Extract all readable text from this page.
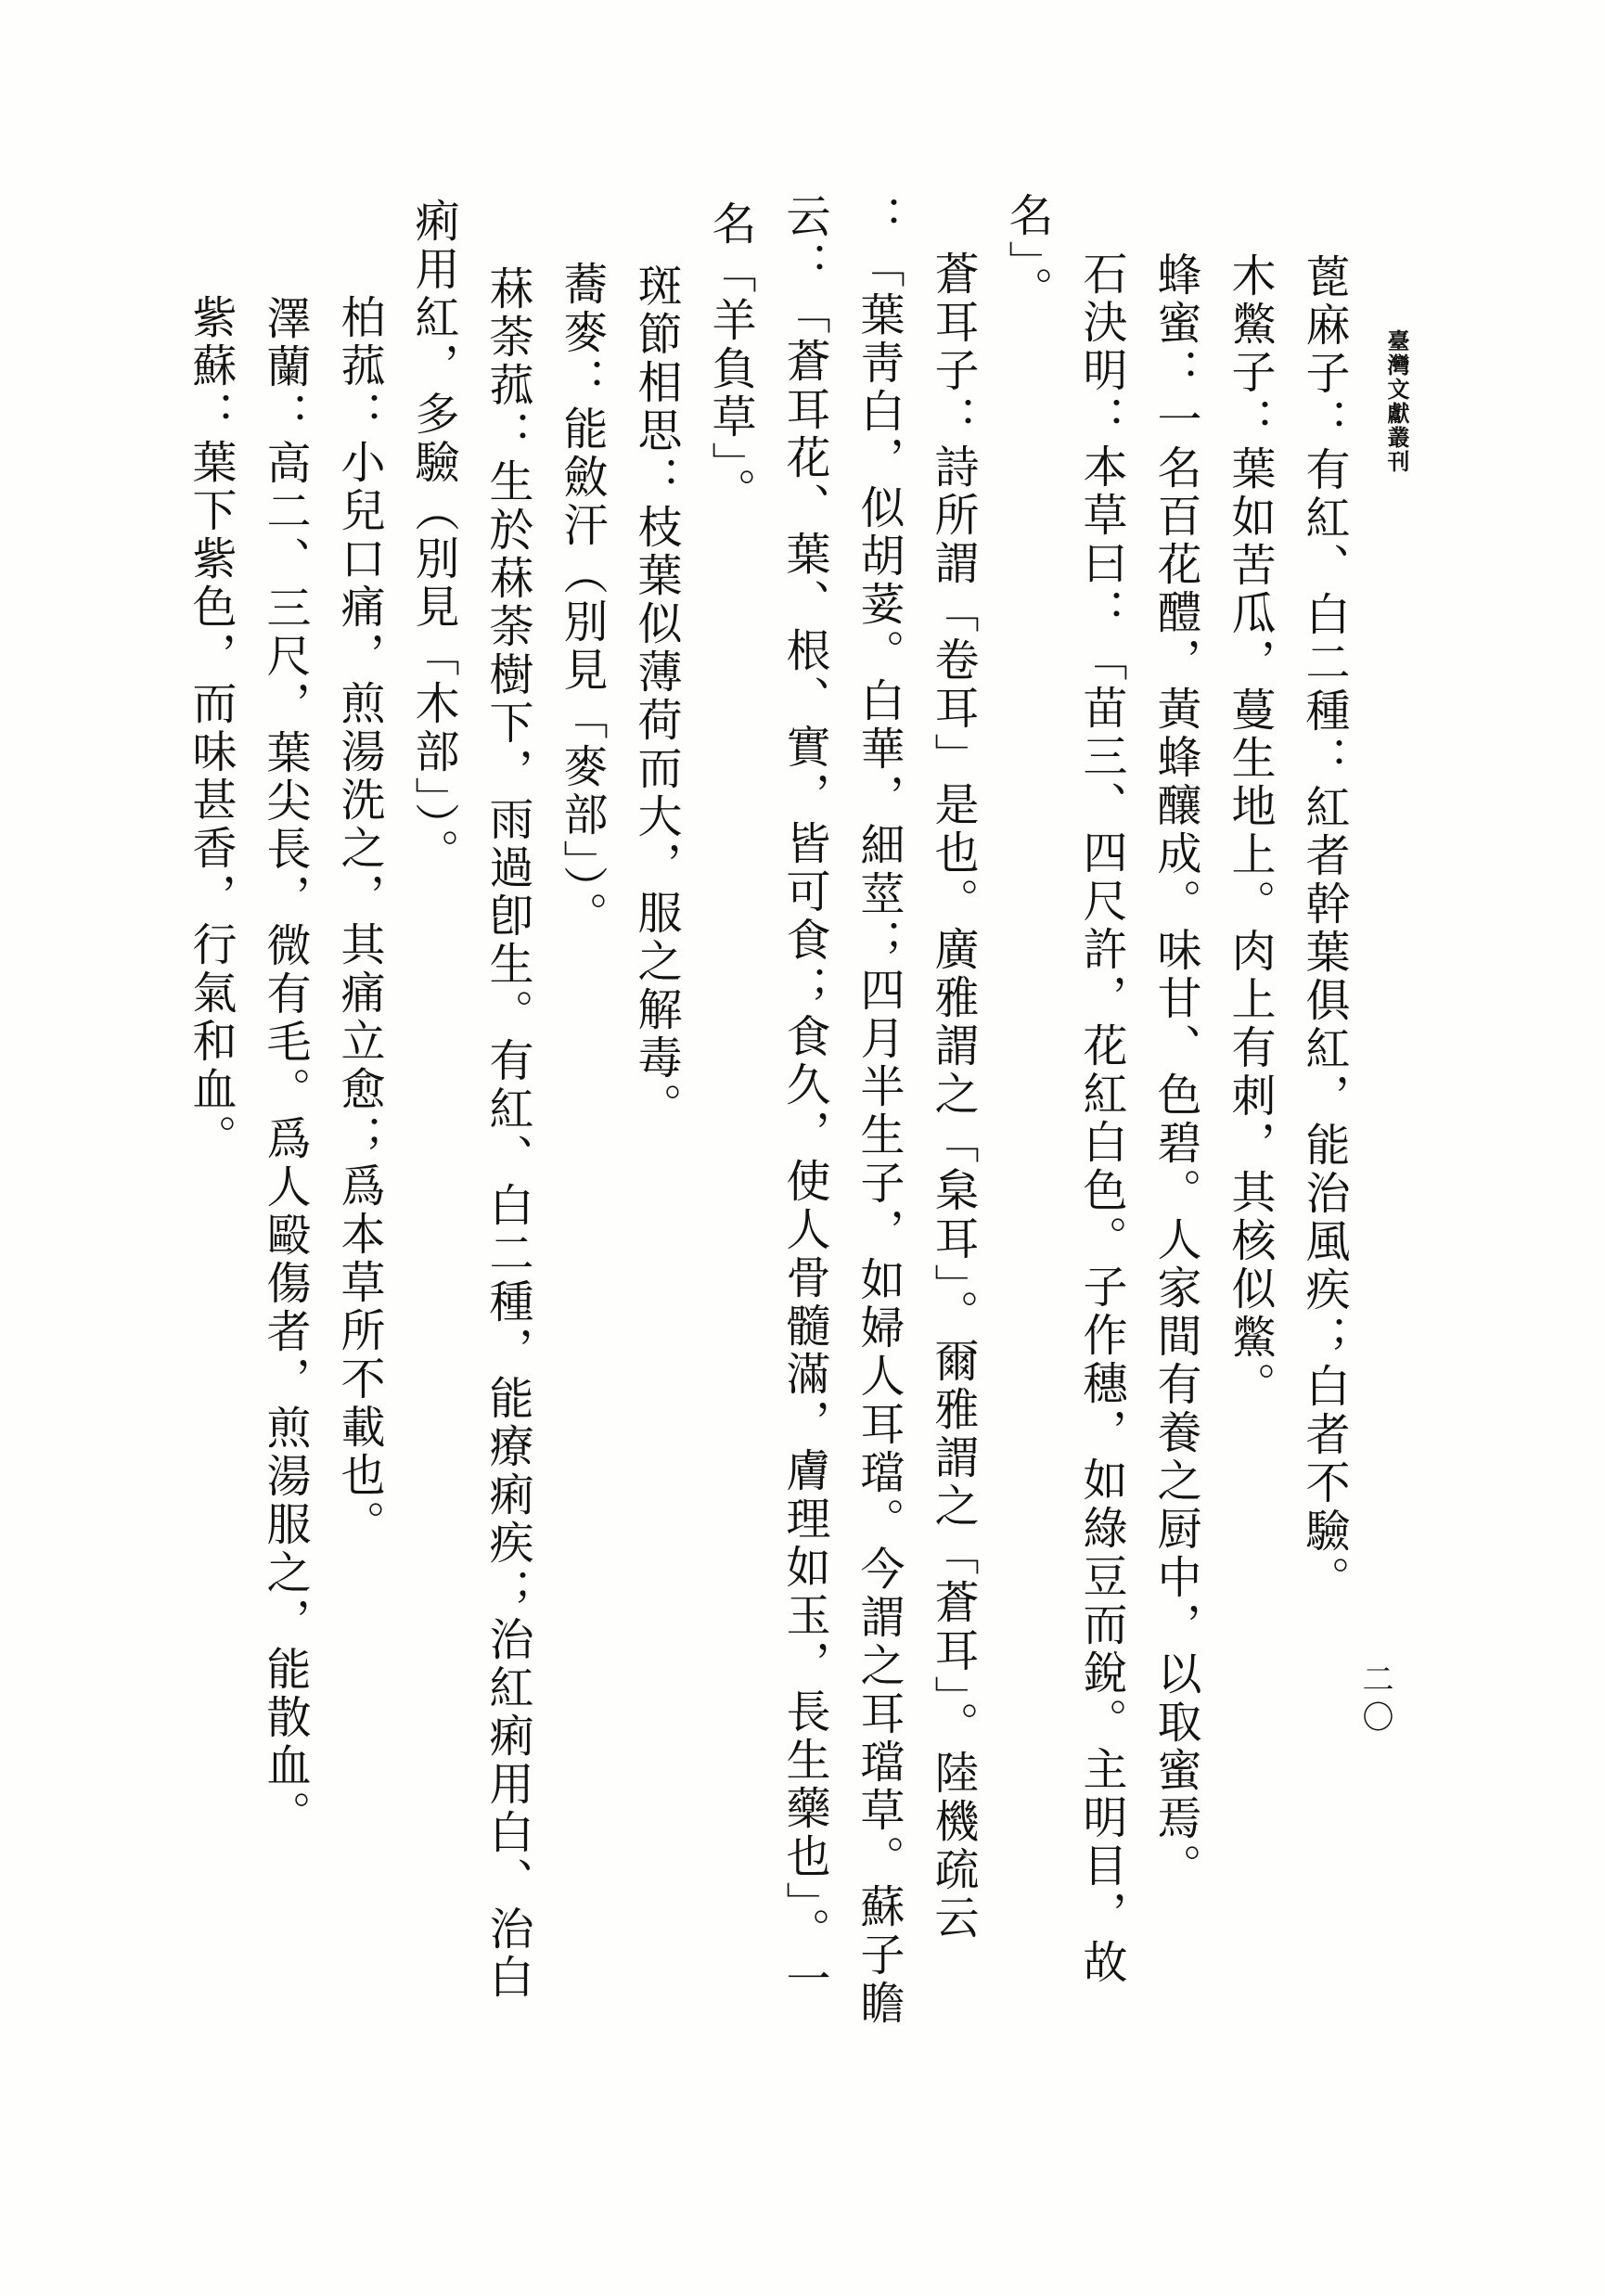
臺灣文獻叢刊
二〇
蓖麻子：有紅、白二種：紅者幹葉俱紅，能治風疾；白者不驗。
木鱉子：葉如苦瓜，蔓生地上。肉上有刺，其核似鱉。
蜂蜜：一名百花醴，黃蜂釀成。味甘、色碧。人家間有養之厨中，以取蜜焉。
石決明：本草曰：「苗三、四尺許，花紅白色。子作穗，如綠豆而銳。主明目，故
名」。
蒼耳子：詩所謂「卷耳」是也。廣雅謂之「枲耳」。爾雅謂之「蒼耳」。陸機疏云
：「葉靑白，似胡荽。白華，細莖；四月半生子，如婦人耳璫。今謂之耳璫草。蘇子瞻
云：「蒼耳花、葉、根、實，皆可食；食久，使人骨髓滿，膚理如玉，長生藥也」。一
名「羊負草」。
斑節相思：枝葉似薄荷而大，服之解毒。
蕎麥：能斂汗（別見「麥部」）。
菻荼菰：生於菻荼樹下，雨過卽生。有紅、白二種，能療痢疾；治紅痢用白、治白
痢用紅，多驗（別見「木部」）。
柏菰：小兒口痛，煎湯洗之，其痛立愈；爲本草所不載也。
澤蘭：高二、三尺，葉尖長，微有毛。爲人毆傷者，煎湯服之，能散血。
紫蘇：葉下紫色，而味甚香，行氣和血。
